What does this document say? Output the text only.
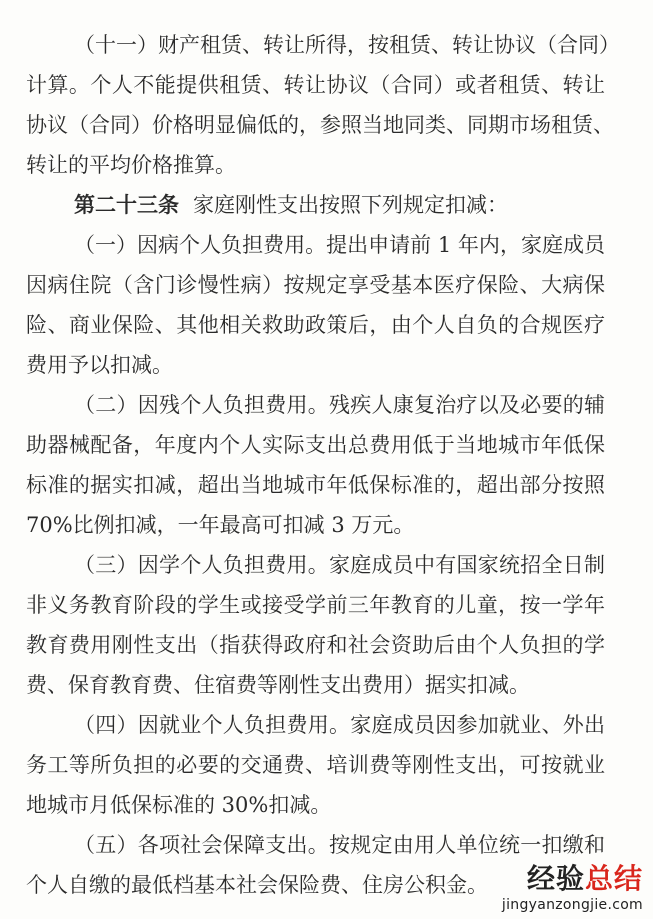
（十一）财产租赁、转让所得，按租赁、转让协议（合同）
计算。个人不能提供租赁、转让协议（合同）或者租赁、转让
协议（合同）价格明显偏低的，参照当地同类、同期市场租赁、
转让的平均价格推算。
第二十三条 家庭刚性支出按照下列规定扣减：
（一）因病个人负担费用。提出申请前 1 年内，家庭成员
因病住院（含门诊慢性病）按规定享受基本医疗保险、大病保
险、商业保险、其他相关救助政策后，由个人自负的合规医疗
费用予以扣减。
（二）因残个人负担费用。残疾人康复治疗以及必要的辅
助器械配备，年度内个人实际支出总费用低于当地城市年低保
标准的据实扣减，超出当地城市年低保标准的，超出部分按照
70%比例扣减，一年最高可扣减 3 万元。
（三）因学个人负担费用。家庭成员中有国家统招全日制
非义务教育阶段的学生或接受学前三年教育的儿童，按一学年
教育费用刚性支出（指获得政府和社会资助后由个人负担的学
费、保育教育费、住宿费等刚性支出费用）据实扣减。
（四）因就业个人负担费用。家庭成员因参加就业、外出
务工等所负担的必要的交通费、培训费等刚性支出，可按就业
地城市月低保标准的 30%扣减。
（五）各项社会保障支出。按规定由用人单位统一扣缴和
个人自缴的最低档基本社会保险费、住房公积金。	经验总结
jingyanzongjie.com
